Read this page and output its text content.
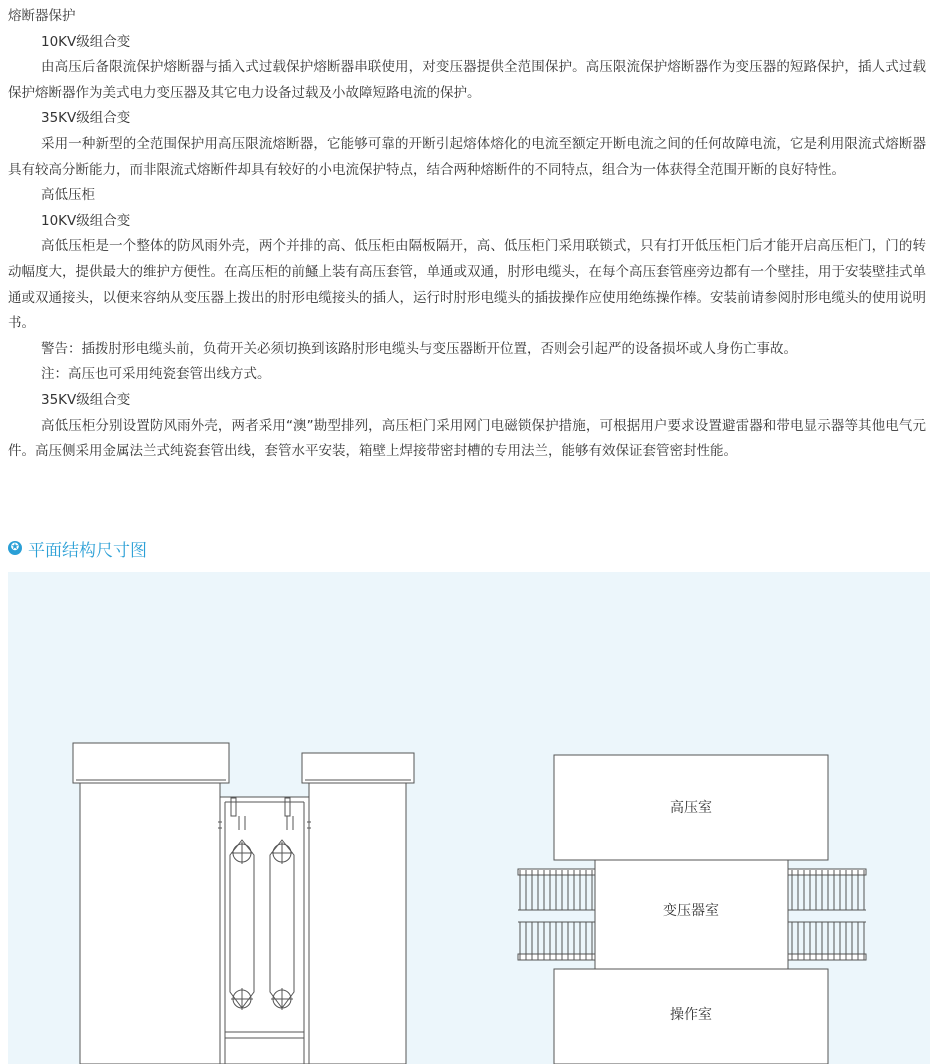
熔断器保护
10KV级组合变
由高压后备限流保护熔断器与插入式过载保护熔断器串联使用，对变压器提供全范围保护。高压限流保护熔断器作为变压器的短路保护，插人式过载保护熔断器作为美式电力变压器及其它电力设备过载及小故障短路电流的保护。
35KV级组合变
采用一种新型的全范围保护用高压限流熔断器，它能够可靠的开断引起熔体熔化的电流至额定开断电流之间的任何故障电流，它是利用限流式熔断器具有较高分断能力，而非限流式熔断件却具有较好的小电流保护特点，结合两种熔断件的不同特点，组合为一体获得全范围开断的良好特性。
高低压柜
10KV级组合变
高低压柜是一个整体的防风雨外壳，两个并排的高、低压柜由隔板隔开，高、低压柜门采用联锁式，只有打开低压柜门后才能开启高压柜门，门的转动幅度大，提供最大的维护方便性。在高压柜的前鰠上装有高压套管，单通或双通，肘形电缆头，在每个高压套管座旁边都有一个壁挂，用于安装壁挂式单通或双通接头，以便来容纳从变压器上拨出的肘形电缆接头的插人，运行时肘形电缆头的插拔操作应使用绝练操作棒。安装前请参阅肘形电缆头的使用说明书。
警告：插拨肘形电缆头前，负荷开关必须切换到该路肘形电缆头与变压器断开位置，否则会引起严的设备损坏或人身伤亡事故。
注：高压也可采用纯瓷套管出线方式。
35KV级组合变
高低压柜分别设置防风雨外壳，两者采用“澳”勘型排列，高压柜门采用网门电磁锁保护措施，可根据用户要求设置避雷器和带电显示器等其他电气元件。高压侧采用金属法兰式纯瓷套管出线，套管水平安装，箱壁上焊接带密封槽的专用法兰，能够有效保证套管密封性能。
✪ 平面结构尺寸图
高压室
变压器室
操作室
